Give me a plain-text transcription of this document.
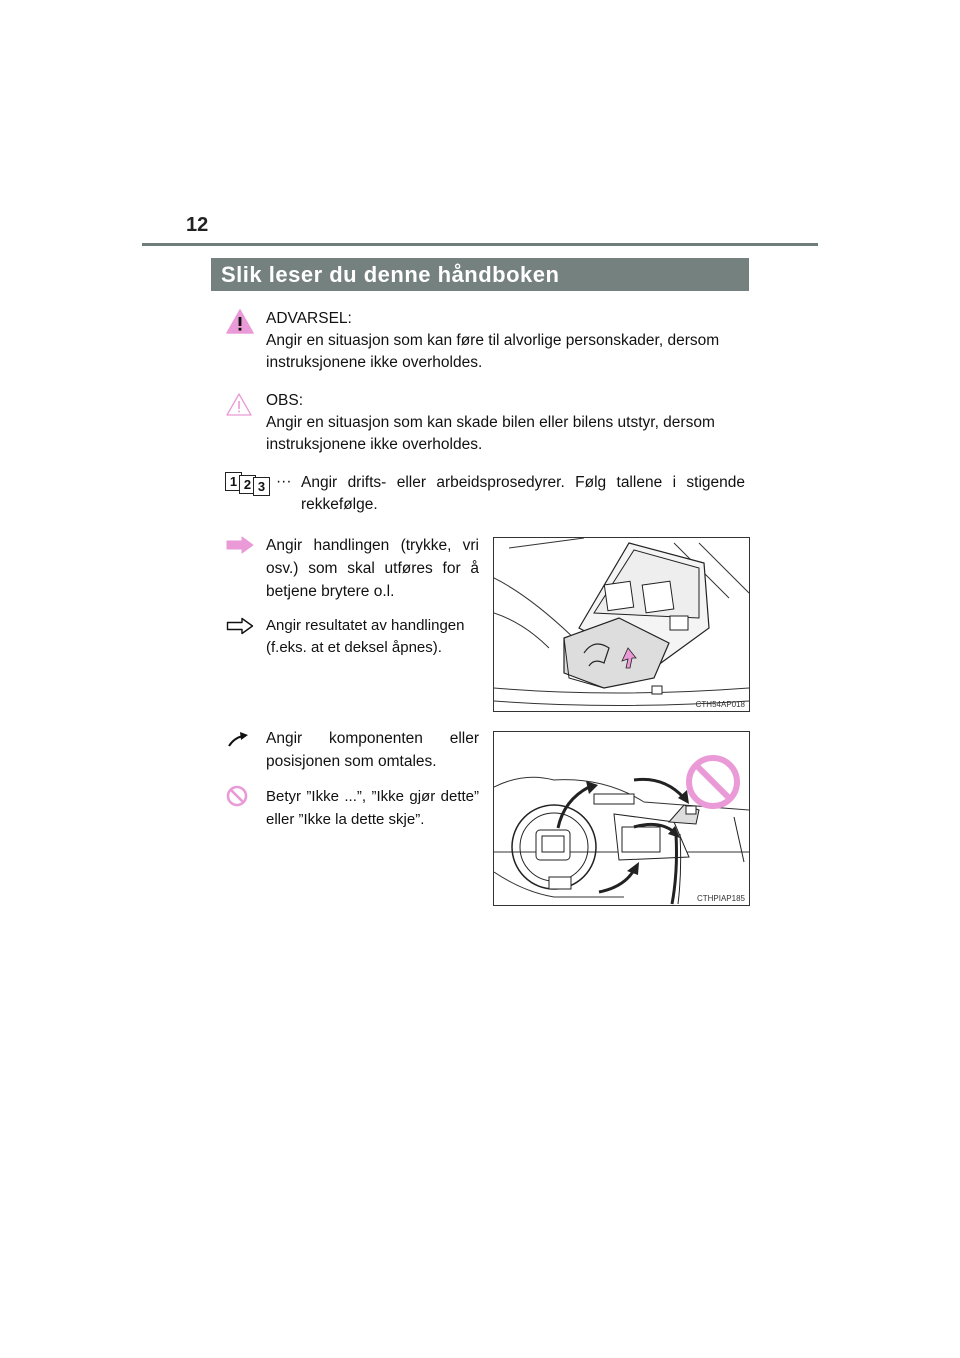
12
Slik leser du denne håndboken
ADVARSEL:
Angir en situasjon som kan føre til alvorlige personskader, dersom instruksjonene ikke overholdes.
OBS:
Angir en situasjon som kan skade bilen eller bilens utstyr, dersom instruksjonene ikke overholdes.
1 2 3 ··· Angir drifts- eller arbeidsprosedyrer. Følg tallene i stigende rekkefølge.
Angir handlingen (trykke, vri osv.) som skal utføres for å betjene brytere o.l.
Angir resultatet av handlingen (f.eks. at et deksel åpnes).
CTH54AP018
Angir komponenten eller posisjonen som omtales.
Betyr ”Ikke ...”, ”Ikke gjør dette” eller ”Ikke la dette skje”.
CTHPIAP185
